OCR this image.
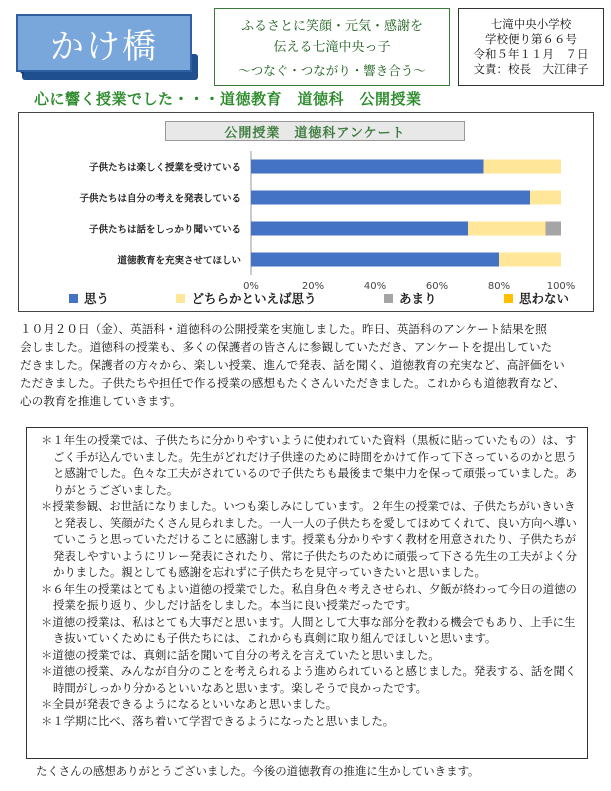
かけ橋	ふるさとに笑顔・元気・感謝を
伝える七滝中央っ子
～つなぐ・つながり・響き合う～
七滝中央小学校
学校便り第６６号
令和５年１１月　７日
文責：校長　大江律子
心に響く授業でした・・・道徳教育　道徳科　公開授業
公開授業　道徳科アンケート
子供たちは楽しく授業を受けている
子供たちは自分の考えを発表している
子供たちは話をしっかり聞いている
道徳教育を充実させてほしい
0%	20%	40%	60%	80%	100%
思う	どちらかといえば思う	あまり	思わない
１０月２０日（金）、英語科・道徳科の公開授業を実施しました。昨日、英語科のアンケート結果を照
会しました。道徳科の授業も、多くの保護者の皆さんに参観していただき、アンケートを提出していた
だきました。保護者の方々から、楽しい授業、進んで発表、話を聞く、道徳教育の充実など、高評価をい
ただきました。子供たちや担任で作る授業の感想もたくさんいただきました。これからも道徳教育など、
心の教育を推進していきます。
＊１年生の授業では、子供たちに分かりやすいように使われていた資料（黒板に貼っていたもの）は、すごく手が込んでいました。先生がどれだけ子供達のために時間をかけて作って下さっているのかと思うと感謝でした。色々な工夫がされているので子供たちも最後まで集中力を保って頑張っていました。ありがとうございました。
＊授業参観、お世話になりました。いつも楽しみにしています。２年生の授業では、子供たちがいきいきと発表し、笑顔がたくさん見られました。一人一人の子供たちを愛してほめてくれて、良い方向へ導いていこうと思っていただけることに感謝します。授業も分かりやすく教材を用意されたり、子供たちが発表しやすいようにリレー発表にされたり、常に子供たちのために頑張って下さる先生の工夫がよく分かりました。親としても感謝を忘れずに子供たちを見守っていきたいと思いました。
＊６年生の授業はとてもよい道徳の授業でした。私自身色々考えさせられ、夕飯が終わって今日の道徳の授業を振り返り、少しだけ話をしました。本当に良い授業だったです。
＊道徳の授業は、私はとても大事だと思います。人間として大事な部分を教わる機会でもあり、上手に生き抜いていくためにも子供たちには、これからも真剣に取り組んでほしいと思います。
＊道徳の授業では、真剣に話を聞いて自分の考えを言えていたと思いました。
＊道徳の授業、みんなが自分のことを考えられるよう進められていると感じました。発表する、話を聞く時間がしっかり分かるといいなあと思います。楽しそうで良かったです。
＊全員が発表できるようになるといいなあと思いました。
＊１学期に比べ、落ち着いて学習できるようになったと思いました。
たくさんの感想ありがとうございました。今後の道徳教育の推進に生かしていきます。
